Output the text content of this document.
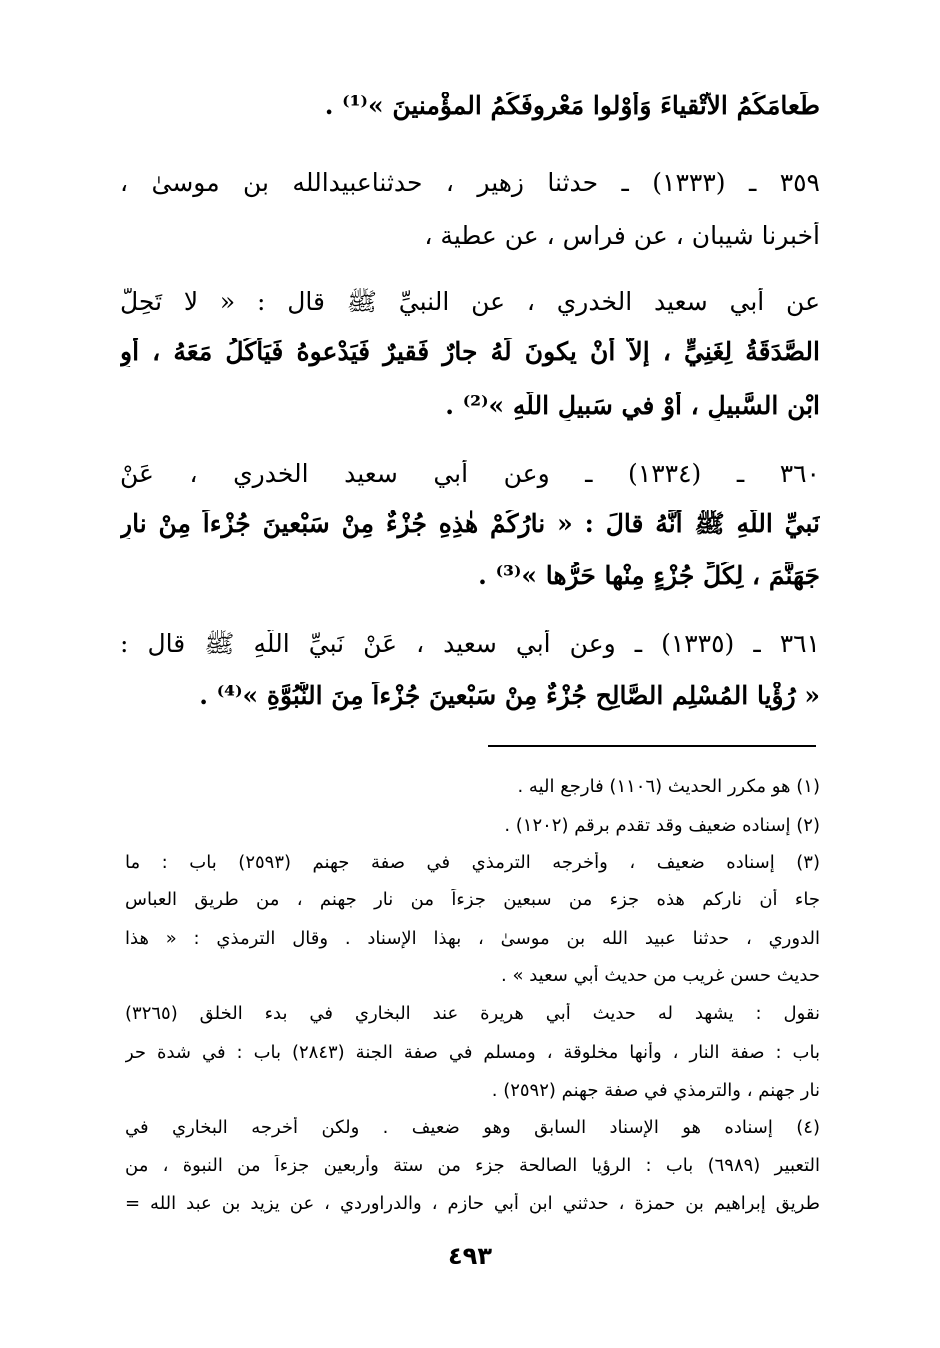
طَعامَكُمُ الأَتْقياءَ وَأوْلوا مَعْروفَكُمُ المؤْمنينَ »⁽¹⁾ .
٣٥٩ ـ (١٣٣٣) ـ حدثنا زهير ، حدثناعبيدالله بن موسىٰ ،
أخبرنا شيبان ، عن فراس ، عن عطية ،
عن أبي سعيد الخدري ، عن النبيِّ ﷺ قال : « لا تَحِلُّ
الصَّدَقَةُ لِغَنِيٍّ ، إلاَّ أنْ يكونَ لَهُ جارٌ فَقيرٌ فَيَدْعوهُ فَيَأْكُلُ مَعَهُ ، أوِ
ابْنِ السَّبيلِ ، أوْ في سَبيلِ اللَّهِ »⁽²⁾ .
٣٦٠ ـ (١٣٣٤) ـ وعن أبي سعيد الخدري ، عَنْ
نَبيِّ اللَّهِ ﷺ أنَّهُ قالَ : « نارُكُمْ هٰذِهِ جُزْءٌ مِنْ سَبْعينَ جُزْءاً مِنْ نارِ
جَهَنَّمَ ، لِكُلِّ جُزْءٍ مِنْها حَرُّها »⁽³⁾ .
٣٦١ ـ (١٣٣٥) ـ وعن أبي سعيد ، عَنْ نَبيِّ اللَّهِ ﷺ قال :
« رُؤْيا المُسْلِمِ الصَّالِحِ جُزْءٌ مِنْ سَبْعينَ جُزْءاً مِنَ النُّبُوَّةِ »⁽⁴⁾ .
(١) هو مكرر الحديث (١١٠٦) فارجع اليه .
(٢) إسناده ضعيف وقد تقدم برقم (١٢٠٢) .
(٣) إسناده ضعيف ، وأخرجه الترمذي في صفة جهنم (٢٥٩٣) باب : ما
جاء أن ناركم هذه جزء من سبعين جزءاً من نار جهنم ، من طريق العباس
الدوري ، حدثنا عبيد الله بن موسىٰ ، بهذا الإسناد . وقال الترمذي : « هذا
حديث حسن غريب من حديث أبي سعيد » .
نقول : يشهد له حديث أبي هريرة عند البخاري في بدء الخلق (٣٢٦٥)
باب : صفة النار ، وأنها مخلوقة ، ومسلم في صفة الجنة (٢٨٤٣) باب : في شدة حر
نار جهنم ، والترمذي في صفة جهنم (٢٥٩٢) .
(٤) إسناده هو الإسناد السابق وهو ضعيف . ولكن أخرجه البخاري في
التعبير (٦٩٨٩) باب : الرؤيا الصالحة جزء من ستة وأربعين جزءاً من النبوة ، من
طريق إبراهيم بن حمزة ، حدثني ابن أبي حازم ، والدراوردي ، عن يزيد بن عبد الله =
٤٩٣
